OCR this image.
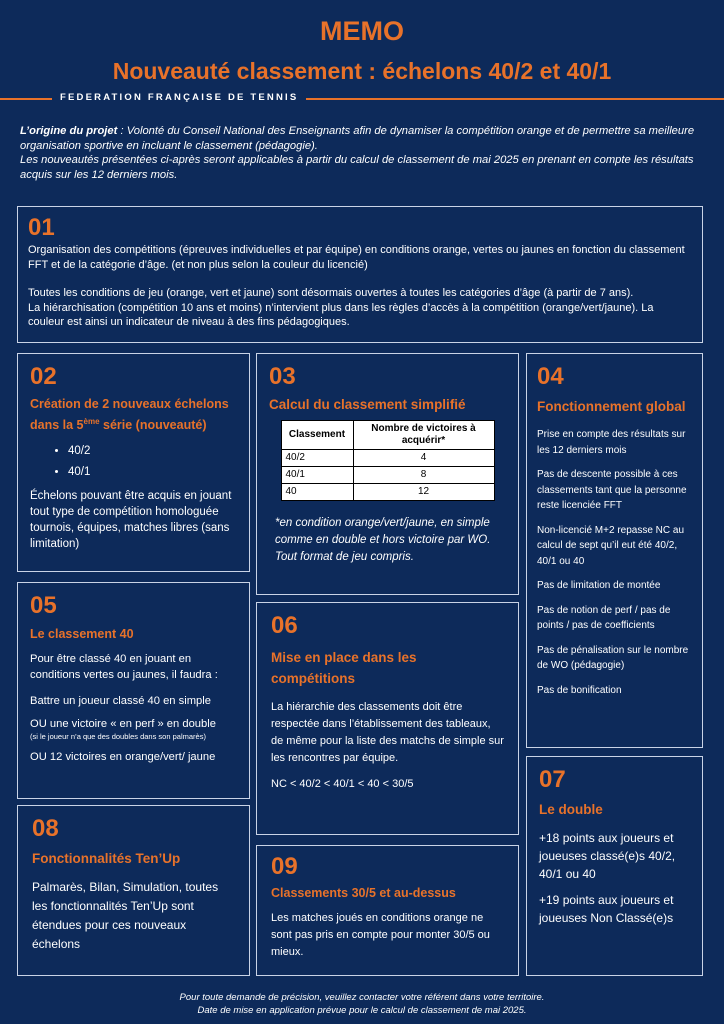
MEMO
Nouveauté classement : échelons 40/2 et 40/1
FEDERATION FRANÇAISE DE TENNIS
L’origine du projet : Volonté du Conseil National des Enseignants afin de dynamiser la compétition orange et de permettre sa meilleure organisation sportive en incluant le classement (pédagogie).
Les nouveautés présentées ci-après seront applicables à partir du calcul de classement de mai 2025 en prenant en compte les résultats acquis sur les 12 derniers mois.
01
Organisation des compétitions (épreuves individuelles et par équipe) en conditions orange, vertes ou jaunes en fonction du classement FFT et de la catégorie d’âge. (et non plus selon la couleur du licencié)
Toutes les conditions de jeu (orange, vert et jaune) sont désormais ouvertes à toutes les catégories d’âge (à partir de 7 ans).
La hiérarchisation (compétition 10 ans et moins) n’intervient plus dans les règles d’accès à la compétition (orange/vert/jaune). La couleur est ainsi un indicateur de niveau à des fins pédagogiques.
02
Création de 2 nouveaux échelons dans la 5ème série (nouveauté)
• 40/2
• 40/1
Échelons pouvant être acquis en jouant tout type de compétition homologuée tournois, équipes, matches libres (sans limitation)
03
Calcul du classement simplifié
Classement	Nombre de victoires à acquérir*
40/2	4
40/1	8
40	12
*en condition orange/vert/jaune, en simple comme en double et hors victoire par WO. Tout format de jeu compris.
04
Fonctionnement global
Prise en compte des résultats sur les 12 derniers mois
Pas de descente possible à ces classements tant que la personne reste licenciée FFT
Non-licencié M+2 repasse NC au calcul de sept qu’il eut été 40/2, 40/1 ou 40
Pas de limitation de montée
Pas de notion de perf / pas de points / pas de coefficients
Pas de pénalisation sur le nombre de WO (pédagogie)
Pas de bonification
05
Le classement 40
Pour être classé 40 en jouant en conditions vertes ou jaunes, il faudra :
Battre un joueur classé 40 en simple
OU une victoire « en perf » en double
(si le joueur n’a que des doubles dans son palmarès)
OU 12 victoires en orange/vert/ jaune
06
Mise en place dans les compétitions
La hiérarchie des classements doit être respectée dans l’établissement des tableaux, de même pour la liste des matchs de simple sur les rencontres par équipe.
NC < 40/2 < 40/1 < 40 < 30/5	07
Le double
+18 points aux joueurs et joueuses classé(e)s 40/2, 40/1 ou 40
+19 points aux joueurs et joueuses Non Classé(e)s
08
Fonctionnalités Ten’Up
Palmarès, Bilan, Simulation, toutes les fonctionnalités Ten’Up sont étendues pour ces nouveaux échelons
09
Classements 30/5 et au-dessus
Les matches joués en conditions orange ne sont pas pris en compte pour monter 30/5 ou mieux.
Pour toute demande de précision, veuillez contacter votre référent dans votre territoire.
Date de mise en application prévue pour le calcul de classement de mai 2025.
